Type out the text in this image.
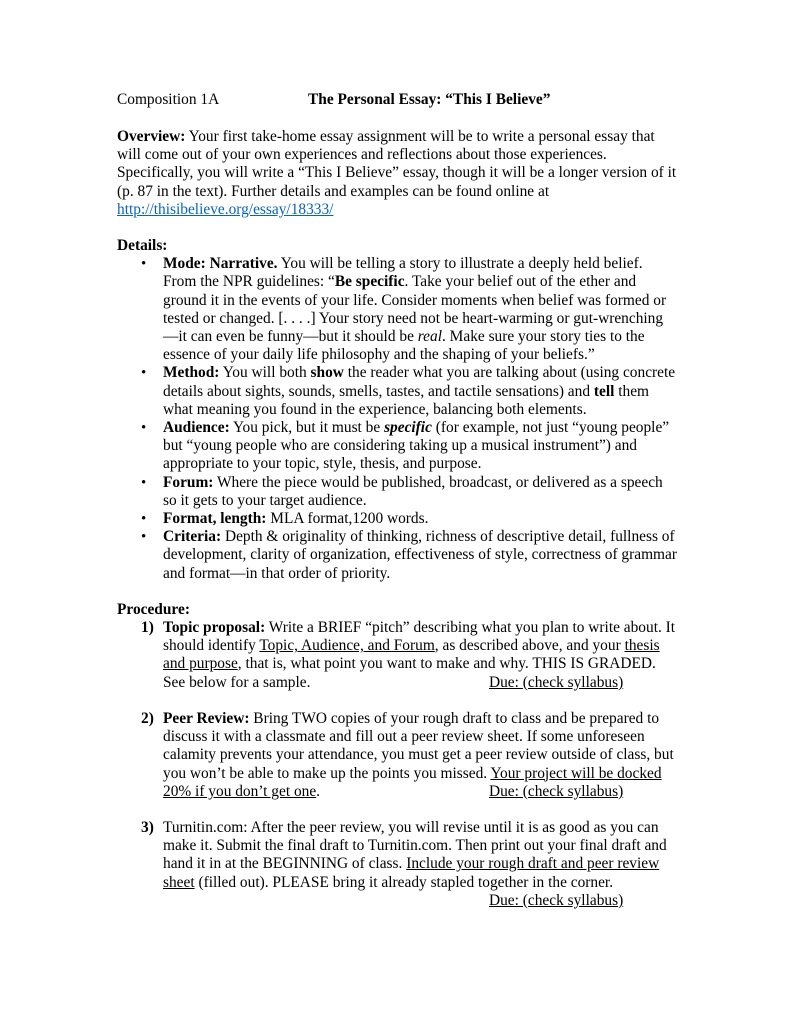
Composition 1A	The Personal Essay: “This I Believe”

Overview: Your first take-home essay assignment will be to write a personal essay that will come out of your own experiences and reflections about those experiences. Specifically, you will write a “This I Believe” essay, though it will be a longer version of it (p. 87 in the text). Further details and examples can be found online at http://thisibelieve.org/essay/18333/

Details:

• Mode: Narrative. You will be telling a story to illustrate a deeply held belief. From the NPR guidelines: “Be specific. Take your belief out of the ether and ground it in the events of your life. Consider moments when belief was formed or tested or changed. [. . . .] Your story need not be heart-warming or gut-wrenching—it can even be funny—but it should be real. Make sure your story ties to the essence of your daily life philosophy and the shaping of your beliefs.”
• Method: You will both show the reader what you are talking about (using concrete details about sights, sounds, smells, tastes, and tactile sensations) and tell them what meaning you found in the experience, balancing both elements.
• Audience: You pick, but it must be specific (for example, not just “young people” but “young people who are considering taking up a musical instrument”) and appropriate to your topic, style, thesis, and purpose.
• Forum: Where the piece would be published, broadcast, or delivered as a speech so it gets to your target audience.
• Format, length: MLA format,1200 words.
• Criteria: Depth & originality of thinking, richness of descriptive detail, fullness of development, clarity of organization, effectiveness of style, correctness of grammar and format—in that order of priority.

Procedure:

1) Topic proposal: Write a BRIEF “pitch” describing what you plan to write about. It should identify Topic, Audience, and Forum, as described above, and your thesis and purpose, that is, what point you want to make and why. THIS IS GRADED. See below for a sample.	Due: (check syllabus)
2) Peer Review: Bring TWO copies of your rough draft to class and be prepared to discuss it with a classmate and fill out a peer review sheet. If some unforeseen calamity prevents your attendance, you must get a peer review outside of class, but you won’t be able to make up the points you missed. Your project will be docked 20% if you don’t get one.	Due: (check syllabus)
3) Turnitin.com: After the peer review, you will revise until it is as good as you can make it. Submit the final draft to Turnitin.com. Then print out your final draft and hand it in at the BEGINNING of class. Include your rough draft and peer review sheet (filled out). PLEASE bring it already stapled together in the corner.
Due: (check syllabus)
